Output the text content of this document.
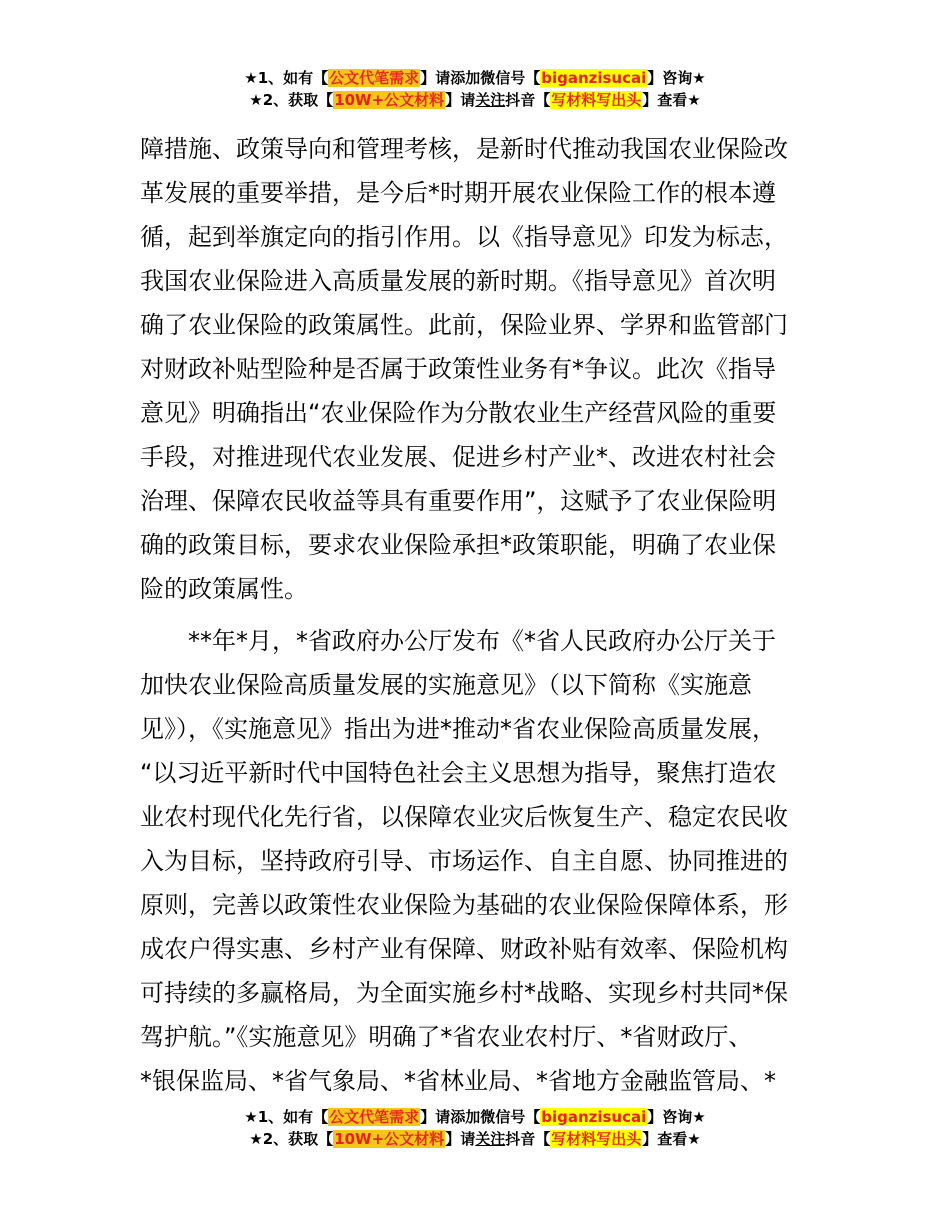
★1、如有【公文代笔需求】请添加微信号【biganzisucai】咨询★
★2、获取【10W+公文材料】请关注抖音【写材料写出头】查看★

障措施、政策导向和管理考核，是新时代推动我国农业保险改
革发展的重要举措，是今后*时期开展农业保险工作的根本遵
循，起到举旗定向的指引作用。以《指导意见》印发为标志，
我国农业保险进入高质量发展的新时期。《指导意见》首次明
确了农业保险的政策属性。此前，保险业界、学界和监管部门
对财政补贴型险种是否属于政策性业务有*争议。此次《指导
意见》明确指出“农业保险作为分散农业生产经营风险的重要
手段，对推进现代农业发展、促进乡村产业*、改进农村社会
治理、保障农民收益等具有重要作用”，这赋予了农业保险明
确的政策目标，要求农业保险承担*政策职能，明确了农业保
险的政策属性。

　　**年*月，*省政府办公厅发布《*省人民政府办公厅关于
加快农业保险高质量发展的实施意见》（以下简称《实施意
见》），《实施意见》指出为进*推动*省农业保险高质量发展，
“以习近平新时代中国特色社会主义思想为指导，聚焦打造农
业农村现代化先行省，以保障农业灾后恢复生产、稳定农民收
入为目标，坚持政府引导、市场运作、自主自愿、协同推进的
原则，完善以政策性农业保险为基础的农业保险保障体系，形
成农户得实惠、乡村产业有保障、财政补贴有效率、保险机构
可持续的多赢格局，为全面实施乡村*战略、实现乡村共同*保
驾护航。”《实施意见》明确了*省农业农村厅、*省财政厅、
*银保监局、*省气象局、*省林业局、*省地方金融监管局、*

★1、如有【公文代笔需求】请添加微信号【biganzisucai】咨询★
★2、获取【10W+公文材料】请关注抖音【写材料写出头】查看★
